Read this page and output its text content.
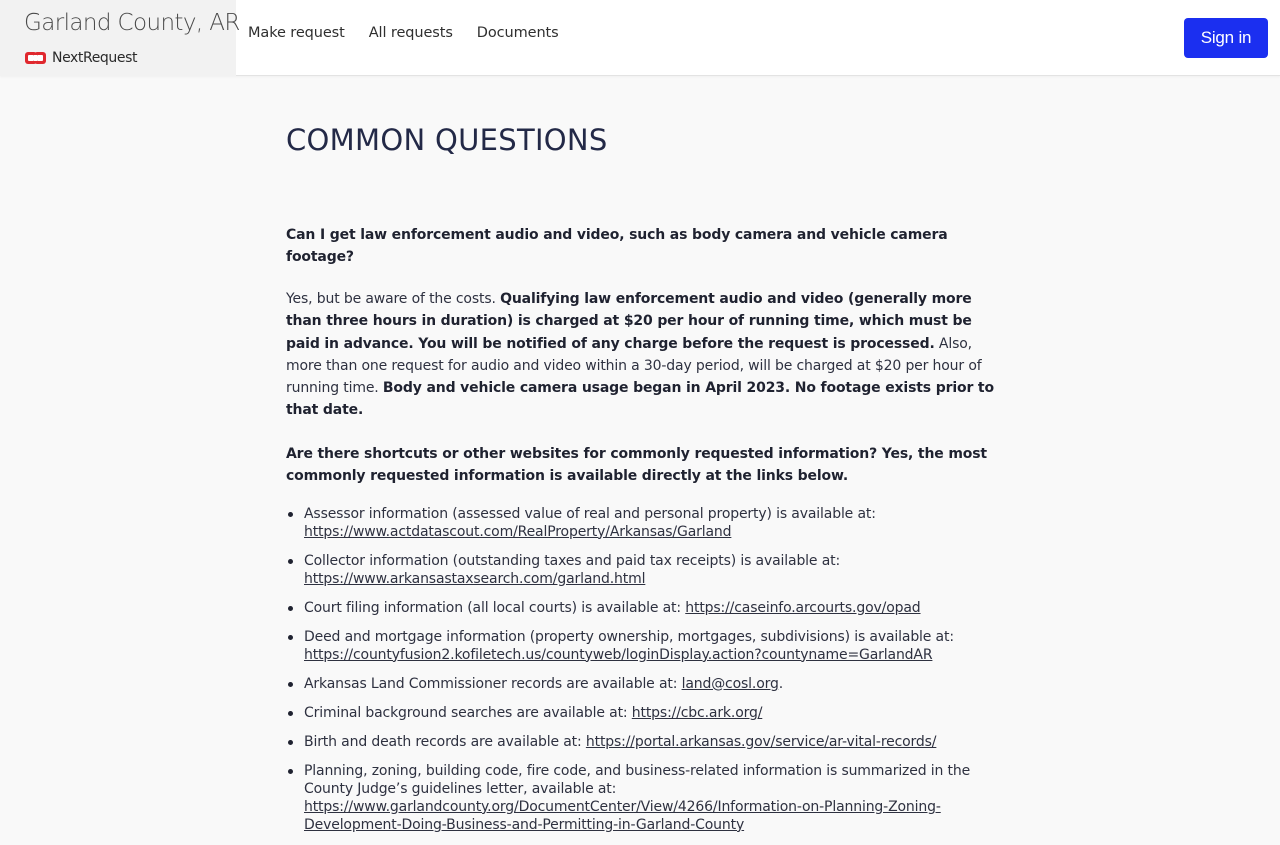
Garland County, AR
NextRequest
Make request All requests Documents	Sign in
COMMON QUESTIONS
Can I get law enforcement audio and video, such as body camera and vehicle camera footage?

Yes, but be aware of the costs. Qualifying law enforcement audio and video (generally more than three hours in duration) is charged at $20 per hour of running time, which must be paid in advance. You will be notified of any charge before the request is processed. Also, more than one request for audio and video within a 30-day period, will be charged at $20 per hour of running time. Body and vehicle camera usage began in April 2023. No footage exists prior to that date.

Are there shortcuts or other websites for commonly requested information? Yes, the most commonly requested information is available directly at the links below.
Assessor information (assessed value of real and personal property) is available at: https://www.actdatascout.com/RealProperty/Arkansas/Garland
Collector information (outstanding taxes and paid tax receipts) is available at: https://www.arkansastaxsearch.com/garland.html
Court filing information (all local courts) is available at: https://caseinfo.arcourts.gov/opad
Deed and mortgage information (property ownership, mortgages, subdivisions) is available at: https://countyfusion2.kofiletech.us/countyweb/loginDisplay.action?countyname=GarlandAR
Arkansas Land Commissioner records are available at: land@cosl.org.
Criminal background searches are available at: https://cbc.ark.org/
Birth and death records are available at: https://portal.arkansas.gov/service/ar-vital-records/
Planning, zoning, building code, fire code, and business-related information is summarized in the County Judge’s guidelines letter, available at: https://www.garlandcounty.org/DocumentCenter/View/4266/Information-on-Planning-Zoning-Development-Doing-Business-and-Permitting-in-Garland-County
